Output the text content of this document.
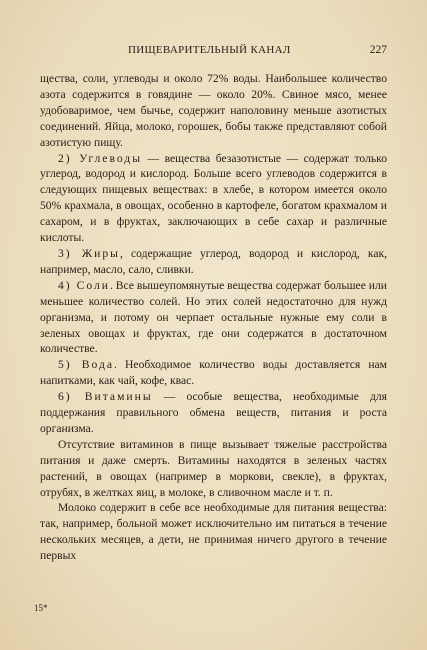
ПИЩЕВАРИТЕЛЬНЫЙ КАНАЛ	227

щества, соли, углеводы и около 72% воды. Наибольшее количество азота содержится в говядине — около 20%. Свиное мясо, менее удобоваримое, чем бычье, содержит наполовину меньше азотистых соединений. Яйца, молоко, горошек, бобы также представляют собой азотистую пищу.

2) Углеводы — вещества безазотистые — содержат только углерод, водород и кислород. Больше всего углеводов содержится в следующих пищевых веществах: в хлебе, в котором имеется около 50% крахмала, в овощах, особенно в картофеле, богатом крахмалом и сахаром, и в фруктах, заключающих в себе сахар и различные кислоты.

3) Жиры, содержащие углерод, водород и кислород, как, например, масло, сало, сливки.

4) Соли. Все вышеупомянутые вещества содержат большее или меньшее количество солей. Но этих солей недостаточно для нужд организма, и потому он черпает остальные нужные ему соли в зеленых овощах и фруктах, где они содержатся в достаточном количестве.

5) Вода. Необходимое количество воды доставляется нам напитками, как чай, кофе, квас.

6) Витамины — особые вещества, необходимые для поддержания правильного обмена веществ, питания и роста организма.

Отсутствие витаминов в пище вызывает тяжелые расстройства питания и даже смерть. Витамины находятся в зеленых частях растений, в овощах (например в моркови, свекле), в фруктах, отрубях, в желтках яиц, в молоке, в сливочном масле и т. п.

Молоко содержит в себе все необходимые для питания вещества: так, например, больной может исключительно им питаться в течение нескольких месяцев, а дети, не принимая ничего другого в течение первых

15*
